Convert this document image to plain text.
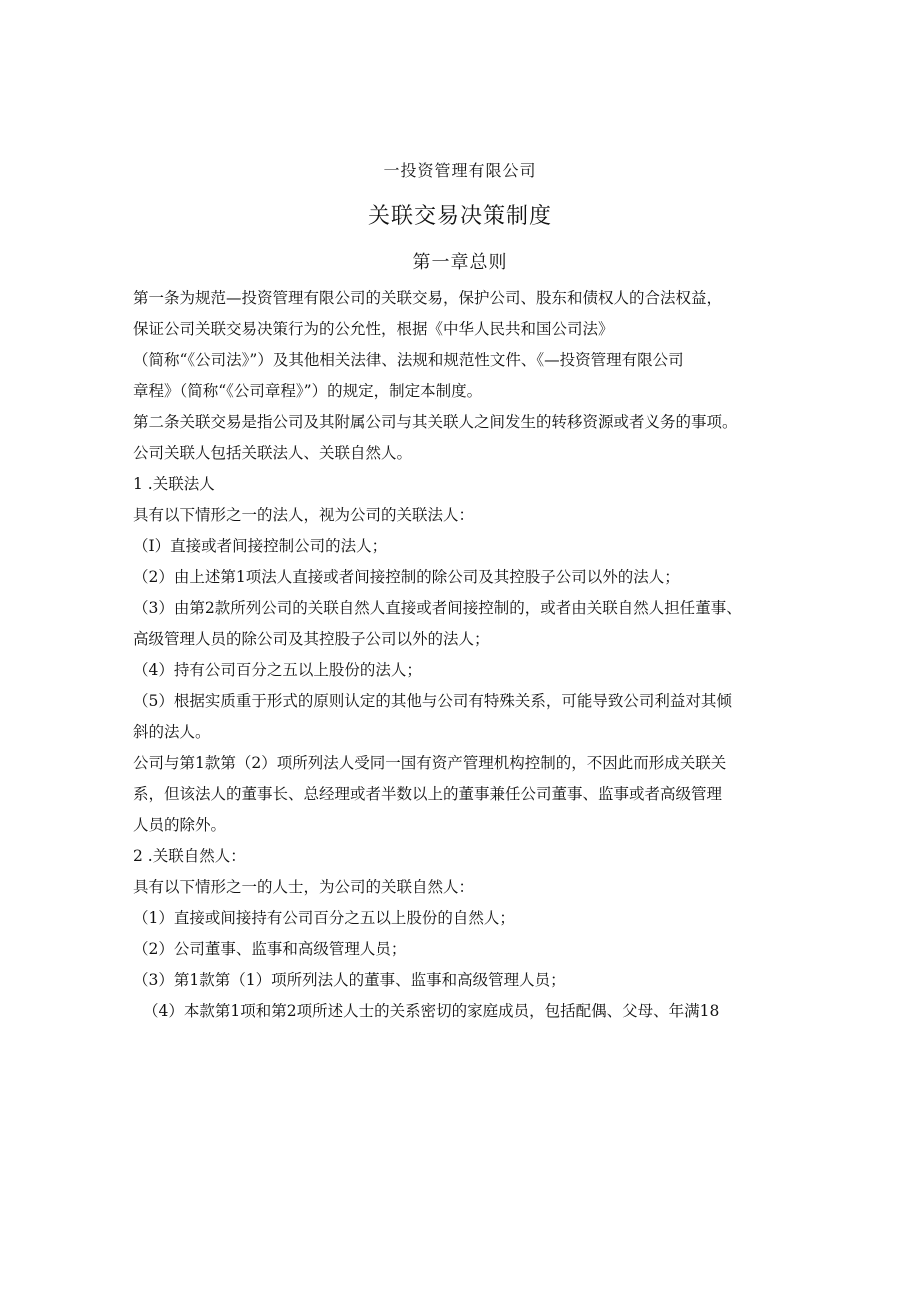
一投资管理有限公司
关联交易决策制度
第一章总则
第一条为规范—投资管理有限公司的关联交易，保护公司、股东和债权人的合法权益，
保证公司关联交易决策行为的公允性，根据《中华人民共和国公司法》
（简称“《公司法》”）及其他相关法律、法规和规范性文件、《—投资管理有限公司
章程》（简称“《公司章程》”）的规定，制定本制度。
第二条关联交易是指公司及其附属公司与其关联人之间发生的转移资源或者义务的事项。
公司关联人包括关联法人、关联自然人。
1 .关联法人
具有以下情形之一的法人，视为公司的关联法人：
（I）直接或者间接控制公司的法人；
（2）由上述第1项法人直接或者间接控制的除公司及其控股子公司以外的法人；
（3）由第2款所列公司的关联自然人直接或者间接控制的，或者由关联自然人担任董事、
高级管理人员的除公司及其控股子公司以外的法人；
（4）持有公司百分之五以上股份的法人；
（5）根据实质重于形式的原则认定的其他与公司有特殊关系，可能导致公司利益对其倾
斜的法人。
公司与第1款第（2）项所列法人受同一国有资产管理机构控制的，不因此而形成关联关
系，但该法人的董事长、总经理或者半数以上的董事兼任公司董事、监事或者高级管理
人员的除外。
2 .关联自然人：
具有以下情形之一的人士，为公司的关联自然人：
（1）直接或间接持有公司百分之五以上股份的自然人；
（2）公司董事、监事和高级管理人员；
（3）第1款第（1）项所列法人的董事、监事和高级管理人员；
（4）本款第1项和第2项所述人士的关系密切的家庭成员，包括配偶、父母、年满18
